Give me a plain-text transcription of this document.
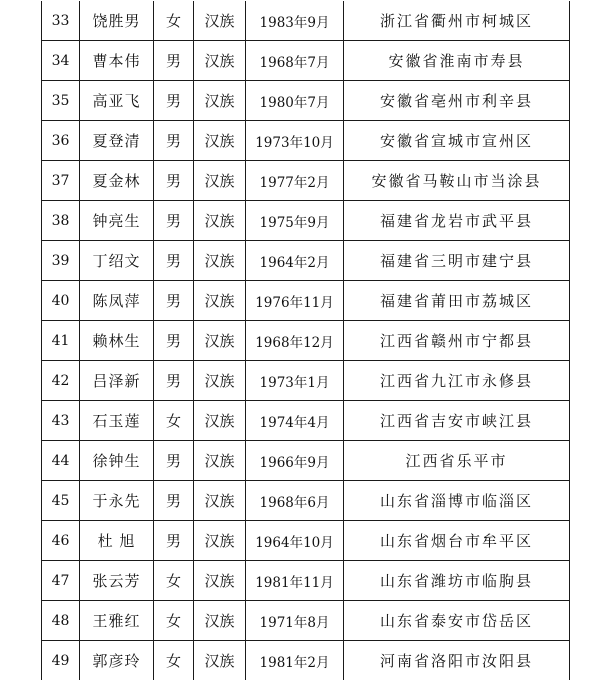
33	饶胜男	女	汉族	1983年9月	浙江省衢州市柯城区
34	曹本伟	男	汉族	1968年7月	安徽省淮南市寿县
35	高亚飞	男	汉族	1980年7月	安徽省亳州市利辛县
36	夏登清	男	汉族	1973年10月	安徽省宣城市宣州区
37	夏金林	男	汉族	1977年2月	安徽省马鞍山市当涂县
38	钟亮生	男	汉族	1975年9月	福建省龙岩市武平县
39	丁绍文	男	汉族	1964年2月	福建省三明市建宁县
40	陈凤萍	男	汉族	1976年11月	福建省莆田市荔城区
41	赖林生	男	汉族	1968年12月	江西省赣州市宁都县
42	吕泽新	男	汉族	1973年1月	江西省九江市永修县
43	石玉莲	女	汉族	1974年4月	江西省吉安市峡江县
44	徐钟生	男	汉族	1966年9月	江西省乐平市
45	于永先	男	汉族	1968年6月	山东省淄博市临淄区
46	杜 旭	男	汉族	1964年10月	山东省烟台市牟平区
47	张云芳	女	汉族	1981年11月	山东省潍坊市临朐县
48	王雅红	女	汉族	1971年8月	山东省泰安市岱岳区
49	郭彦玲	女	汉族	1981年2月	河南省洛阳市汝阳县
